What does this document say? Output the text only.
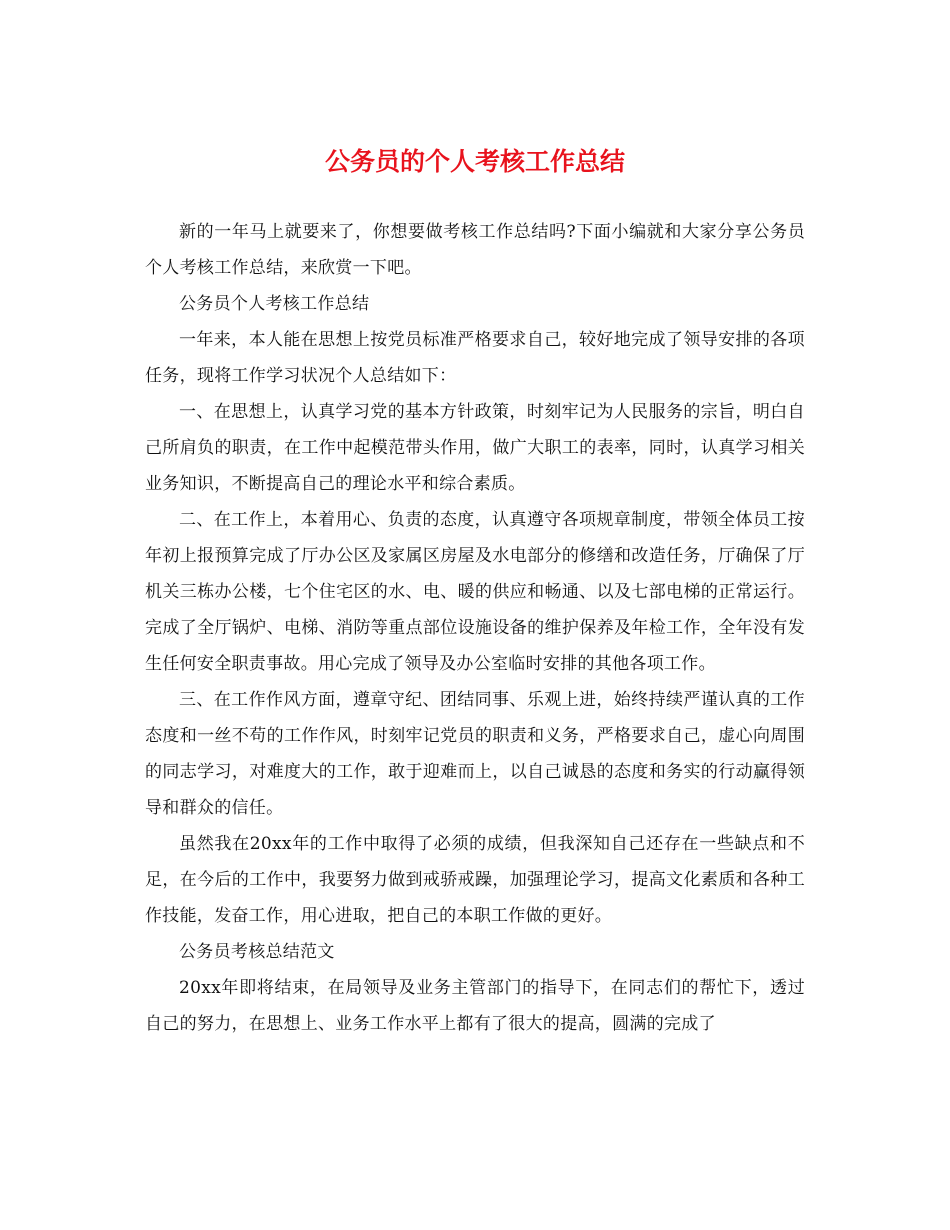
公务员的个人考核工作总结

新的一年马上就要来了，你想要做考核工作总结吗?下面小编就和大家分享公务员个人考核工作总结，来欣赏一下吧。

公务员个人考核工作总结

一年来，本人能在思想上按党员标准严格要求自己，较好地完成了领导安排的各项任务，现将工作学习状况个人总结如下：

一、在思想上，认真学习党的基本方针政策，时刻牢记为人民服务的宗旨，明白自己所肩负的职责，在工作中起模范带头作用，做广大职工的表率，同时，认真学习相关业务知识，不断提高自己的理论水平和综合素质。

二、在工作上，本着用心、负责的态度，认真遵守各项规章制度，带领全体员工按年初上报预算完成了厅办公区及家属区房屋及水电部分的修缮和改造任务，厅确保了厅机关三栋办公楼，七个住宅区的水、电、暖的供应和畅通、以及七部电梯的正常运行。完成了全厅锅炉、电梯、消防等重点部位设施设备的维护保养及年检工作，全年没有发生任何安全职责事故。用心完成了领导及办公室临时安排的其他各项工作。

三、在工作作风方面，遵章守纪、团结同事、乐观上进，始终持续严谨认真的工作态度和一丝不苟的工作作风，时刻牢记党员的职责和义务，严格要求自己，虚心向周围的同志学习，对难度大的工作，敢于迎难而上，以自己诚恳的态度和务实的行动赢得领导和群众的信任。

虽然我在20xx年的工作中取得了必须的成绩，但我深知自己还存在一些缺点和不足，在今后的工作中，我要努力做到戒骄戒躁，加强理论学习，提高文化素质和各种工作技能，发奋工作，用心进取，把自己的本职工作做的更好。

公务员考核总结范文

20xx年即将结束，在局领导及业务主管部门的指导下，在同志们的帮忙下，透过自己的努力，在思想上、业务工作水平上都有了很大的提高，圆满的完成了
